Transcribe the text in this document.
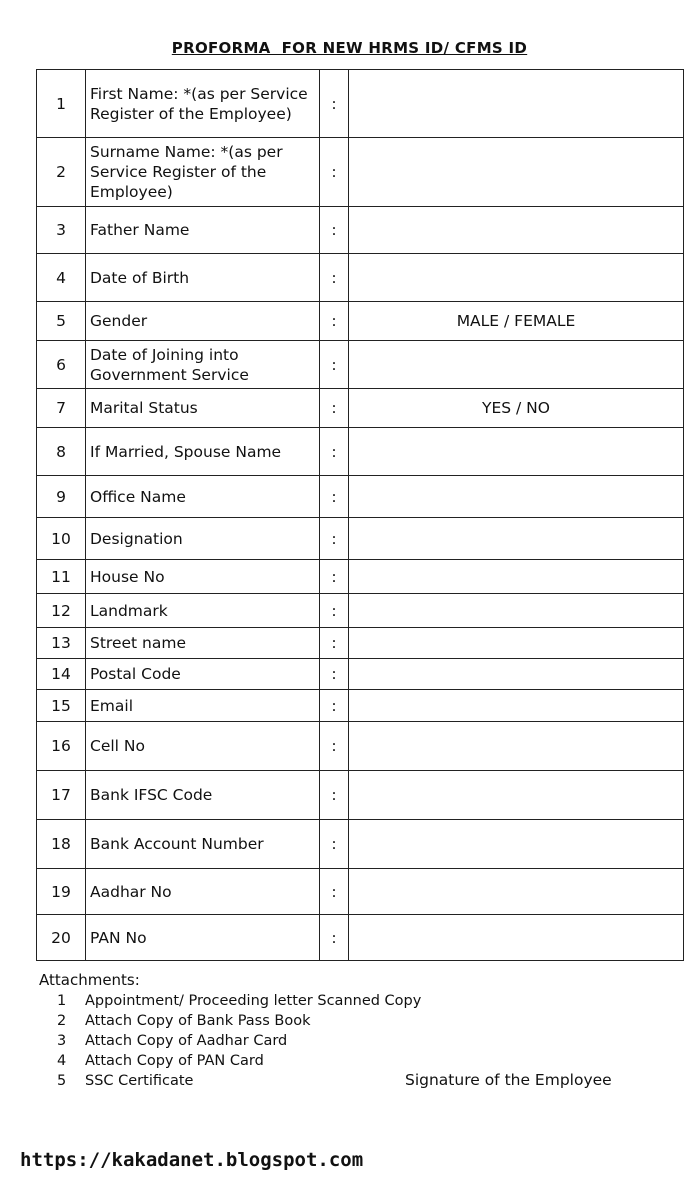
PROFORMA  FOR NEW HRMS ID/ CFMS ID
1	First Name: *(as per Service Register of the Employee)	:	
2	Surname Name: *(as per Service Register of the Employee)	:	
3	Father Name	:	
4	Date of Birth	:	
5	Gender	:	MALE / FEMALE
6	Date of Joining into Government Service	:	
7	Marital Status	:	YES / NO
8	If Married, Spouse Name	:	
9	Office Name	:	
10	Designation	:	
11	House No	:	
12	Landmark	:	
13	Street name	:	
14	Postal Code	:	
15	Email	:	
16	Cell No	:	
17	Bank IFSC Code	:	
18	Bank Account Number	:	
19	Aadhar No	:	
20	PAN No	:	
Attachments:
1	Appointment/ Proceeding letter Scanned Copy
2	Attach Copy of Bank Pass Book
3	Attach Copy of Aadhar Card
4	Attach Copy of PAN Card
5	SSC Certificate	Signature of the Employee
https://kakadanet.blogspot.com
